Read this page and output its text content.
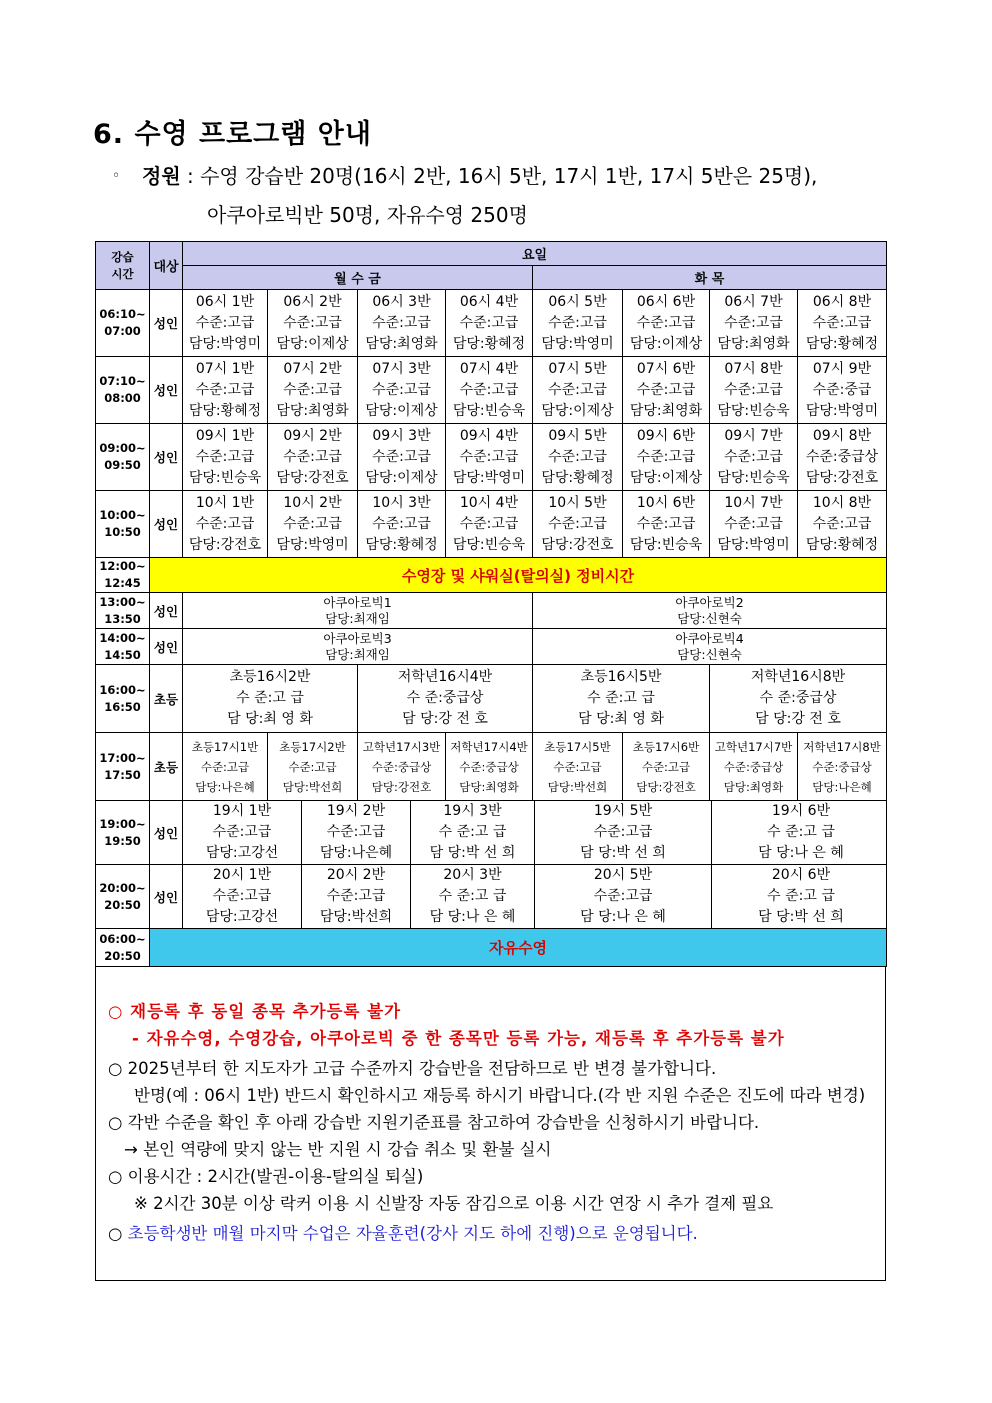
6. 수영 프로그램 안내
◦ 정원 : 수영 강습반 20명(16시 2반, 16시 5반, 17시 1반, 17시 5반은 25명),
아쿠아로빅반 50명, 자유수영 250명
강습
시간	대상

요일

월 수 금	화 목

06:10~
07:00	성인

06시 1반
수준:고급
담당:박영미

06시 2반
수준:고급
담당:이제상

06시 3반
수준:고급
담당:최영화

06시 4반
수준:고급
담당:황혜정

06시 5반
수준:고급
담당:박영미

06시 6반
수준:고급
담당:이제상

06시 7반
수준:고급
담당:최영화

06시 8반
수준:고급
담당:황혜정

07:10~
08:00	성인

07시 1반
수준:고급
담당:황혜정

07시 2반
수준:고급
담당:최영화

07시 3반
수준:고급
담당:이제상

07시 4반
수준:고급
담당:빈승욱

07시 5반
수준:고급
담당:이제상

07시 6반
수준:고급
담당:최영화

07시 8반
수준:고급
담당:빈승욱

07시 9반
수준:중급
담당:박영미

09:00~
09:50	성인

09시 1반
수준:고급
담당:빈승욱

09시 2반
수준:고급
담당:강전호

09시 3반
수준:고급
담당:이제상

09시 4반
수준:고급
담당:박영미

09시 5반
수준:고급
담당:황혜정

09시 6반
수준:고급
담당:이제상

09시 7반
수준:고급
담당:빈승욱

09시 8반
수준:중급상
담당:강전호

10:00~
10:50	성인

10시 1반
수준:고급
담당:강전호

10시 2반
수준:고급
담당:박영미

10시 3반
수준:고급
담당:황혜정

10시 4반
수준:고급
담당:빈승욱

10시 5반
수준:고급
담당:강전호

10시 6반
수준:고급
담당:빈승욱

10시 7반
수준:고급
담당:박영미

10시 8반
수준:고급
담당:황혜정

12:00~
12:45	수영장 및 샤워실(탈의실) 정비시간

13:00~
13:50	성인

아쿠아로빅1
담당:최재임

아쿠아로빅2
담당:신현숙

14:00~
14:50	성인

아쿠아로빅3
담당:최재임

아쿠아로빅4
담당:신현숙

16:00~
16:50	초등

초등16시2반
수 준:고 급
담 당:최 영 화

저학년16시4반
수 준:중급상
담 당:강 전 호

초등16시5반
수 준:고 급
담 당:최 영 화

저학년16시8반
수 준:중급상
담 당:강 전 호

17:00~
17:50	초등

초등17시1반
수준:고급
담당:나은혜

초등17시2반
수준:고급
담당:박선희

고학년17시3반
수준:중급상
담당:강전호

저학년17시4반
수준:중급상
담당:최영화

초등17시5반
수준:고급
담당:박선희

초등17시6반
수준:고급
담당:강전호

고학년17시7반
수준:중급상
담당:최영화

저학년17시8반
수준:중급상
담당:나은혜

19:00~
19:50	성인

19시 1반
수준:고급
담당:고강선

19시 2반
수준:고급
담당:나은혜

19시 3반
수 준:고 급
담 당:박 선 희

19시 5반
수준:고급
담 당:박 선 희

19시 6반
수 준:고 급
담 당:나 은 혜

20:00~
20:50	성인

20시 1반
수준:고급
담당:고강선

20시 2반
수준:고급
담당:박선희

20시 3반
수 준:고 급
담 당:나 은 혜

20시 5반
수준:고급
담 당:나 은 혜

20시 6반
수 준:고 급
담 당:박 선 희

06:00~
20:50	자유수영
○ 재등록 후 동일 종목 추가등록 불가
- 자유수영, 수영강습, 아쿠아로빅 중 한 종목만 등록 가능, 재등록 후 추가등록 불가
○ 2025년부터 한 지도자가 고급 수준까지 강습반을 전담하므로 반 변경 불가합니다.
반명(예 : 06시 1반) 반드시 확인하시고 재등록 하시기 바랍니다.(각 반 지원 수준은 진도에 따라 변경)
○ 각반 수준을 확인 후 아래 강습반 지원기준표를 참고하여 강습반을 신청하시기 바랍니다.
→ 본인 역량에 맞지 않는 반 지원 시 강습 취소 및 환불 실시
○ 이용시간 : 2시간(발권-이용-탈의실 퇴실)
※ 2시간 30분 이상 락커 이용 시 신발장 자동 잠김으로 이용 시간 연장 시 추가 결제 필요
○ 초등학생반 매월 마지막 수업은 자율훈련(강사 지도 하에 진행)으로 운영됩니다.
